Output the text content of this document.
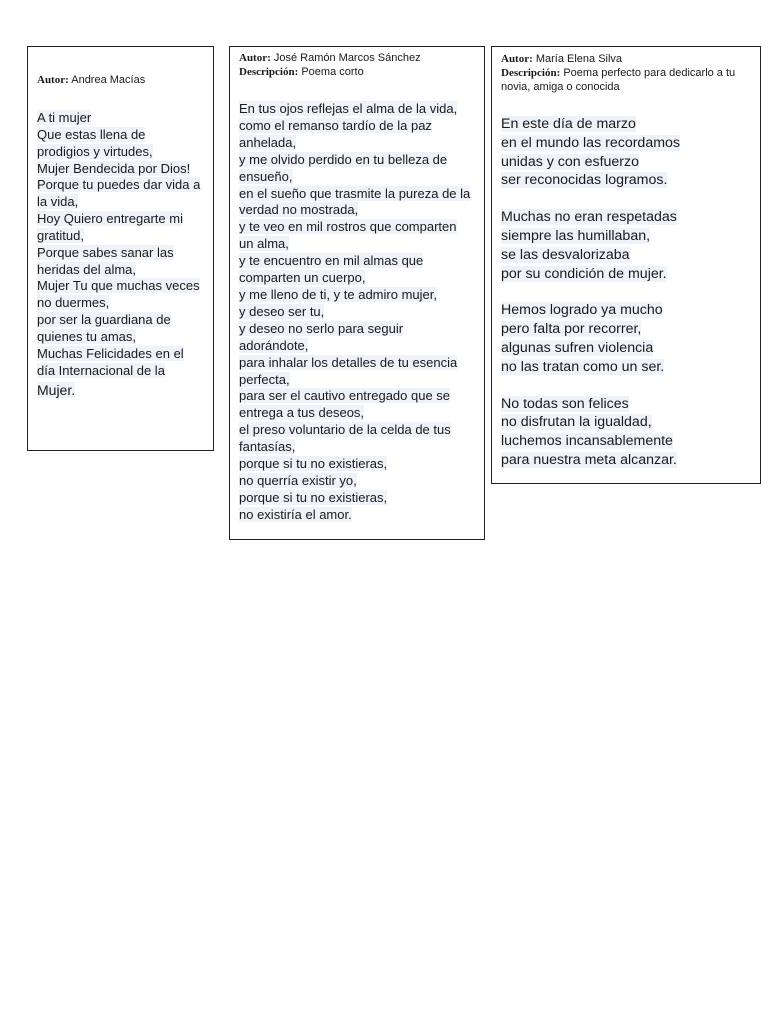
Autor: Andrea Macías
A ti mujer
Que estas llena de
prodigios y virtudes,
Mujer Bendecida por Dios!
Porque tu puedes dar vida a
la vida,
Hoy Quiero entregarte mi
gratitud,
Porque sabes sanar las
heridas del alma,
Mujer Tu que muchas veces
no duermes,
por ser la guardiana de
quienes tu amas,
Muchas Felicidades en el
día Internacional de la
Mujer.
Autor: José Ramón Marcos Sánchez
Descripción: Poema corto
En tus ojos reflejas el alma de la vida,
como el remanso tardío de la paz
anhelada,
y me olvido perdido en tu belleza de
ensueño,
en el sueño que trasmite la pureza de la
verdad no mostrada,
y te veo en mil rostros que comparten
un alma,
y te encuentro en mil almas que
comparten un cuerpo,
y me lleno de ti, y te admiro mujer,
y deseo ser tu,
y deseo no serlo para seguir
adorándote,
para inhalar los detalles de tu esencia
perfecta,
para ser el cautivo entregado que se
entrega a tus deseos,
el preso voluntario de la celda de tus
fantasías,
porque si tu no existieras,
no querría existir yo,
porque si tu no existieras,
no existiría el amor.
Autor: María Elena Silva
Descripción: Poema perfecto para dedicarlo a tu novia, amiga o conocida
En este día de marzo
en el mundo las recordamos
unidas y con esfuerzo
ser reconocidas logramos.
Muchas no eran respetadas
siempre las humillaban,
se las desvalorizaba
por su condición de mujer.
Hemos logrado ya mucho
pero falta por recorrer,
algunas sufren violencia
no las tratan como un ser.
No todas son felices
no disfrutan la igualdad,
luchemos incansablemente
para nuestra meta alcanzar.
